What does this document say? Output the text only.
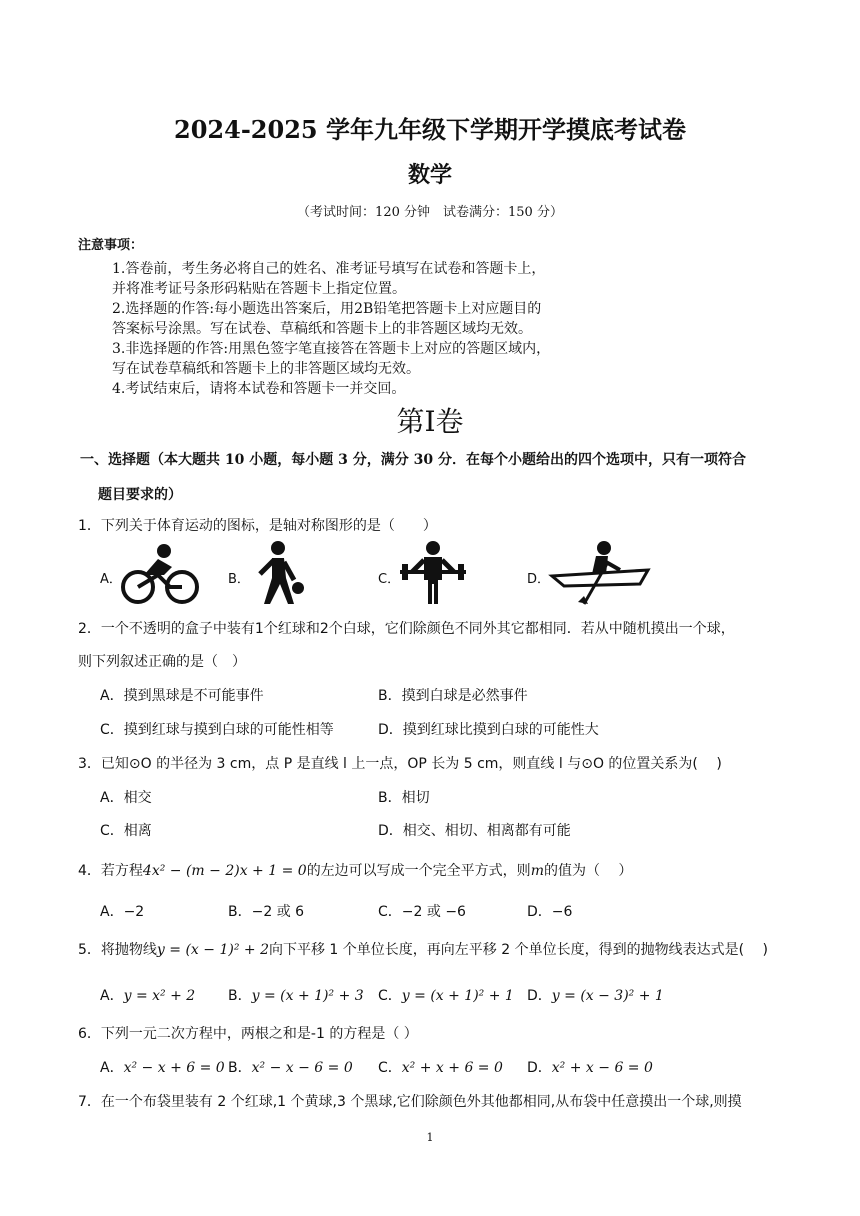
2024-2025 学年九年级下学期开学摸底考试卷
数学
（考试时间：120 分钟　试卷满分：150 分）
注意事项：
1.答卷前，考生务必将自己的姓名、准考证号填写在试卷和答题卡上，
并将准考证号条形码粘贴在答题卡上指定位置。
2.选择题的作答:每小题选出答案后，用2B铅笔把答题卡上对应题目的
答案标号涂黑。写在试卷、草稿纸和答题卡上的非答题区域均无效。
3.非选择题的作答:用黑色签字笔直接答在答题卡上对应的答题区域内，
写在试卷草稿纸和答题卡上的非答题区域均无效。
4.考试结束后，请将本试卷和答题卡一并交回。
第I卷
一、选择题（本大题共 10 小题，每小题 3 分，满分 30 分．在每个小题给出的四个选项中，只有一项符合
题目要求的）
1．下列关于体育运动的图标，是轴对称图形的是（　　）
A．	B．	C．	D．
2．一个不透明的盒子中装有1个红球和2个白球，它们除颜色不同外其它都相同．若从中随机摸出一个球，
则下列叙述正确的是（　）
A．摸到黑球是不可能事件	B．摸到白球是必然事件
C．摸到红球与摸到白球的可能性相等	D．摸到红球比摸到白球的可能性大
3．已知⊙O 的半径为 3 cm，点 P 是直线 l 上一点，OP 长为 5 cm，则直线 l 与⊙O 的位置关系为(　 )
A．相交	B．相切
C．相离	D．相交、相切、相离都有可能
4．若方程4x² − (m − 2)x + 1 = 0的左边可以写成一个完全平方式，则m的值为（　 ）
A．−2	B．−2 或 6	C．−2 或 −6	D．−6
5．将抛物线y = (x − 1)² + 2向下平移 1 个单位长度，再向左平移 2 个单位长度，得到的抛物线表达式是(　 )
A．y = x² + 2 B．y = (x + 1)² + 3 C．y = (x + 1)² + 1 D．y = (x − 3)² + 1
6．下列一元二次方程中，两根之和是-1 的方程是（ ）
A．x² − x + 6 = 0 B．x² − x − 6 = 0 C．x² + x + 6 = 0 D．x² + x − 6 = 0
7．在一个布袋里装有 2 个红球,1 个黄球,3 个黑球,它们除颜色外其他都相同,从布袋中任意摸出一个球,则摸
1
